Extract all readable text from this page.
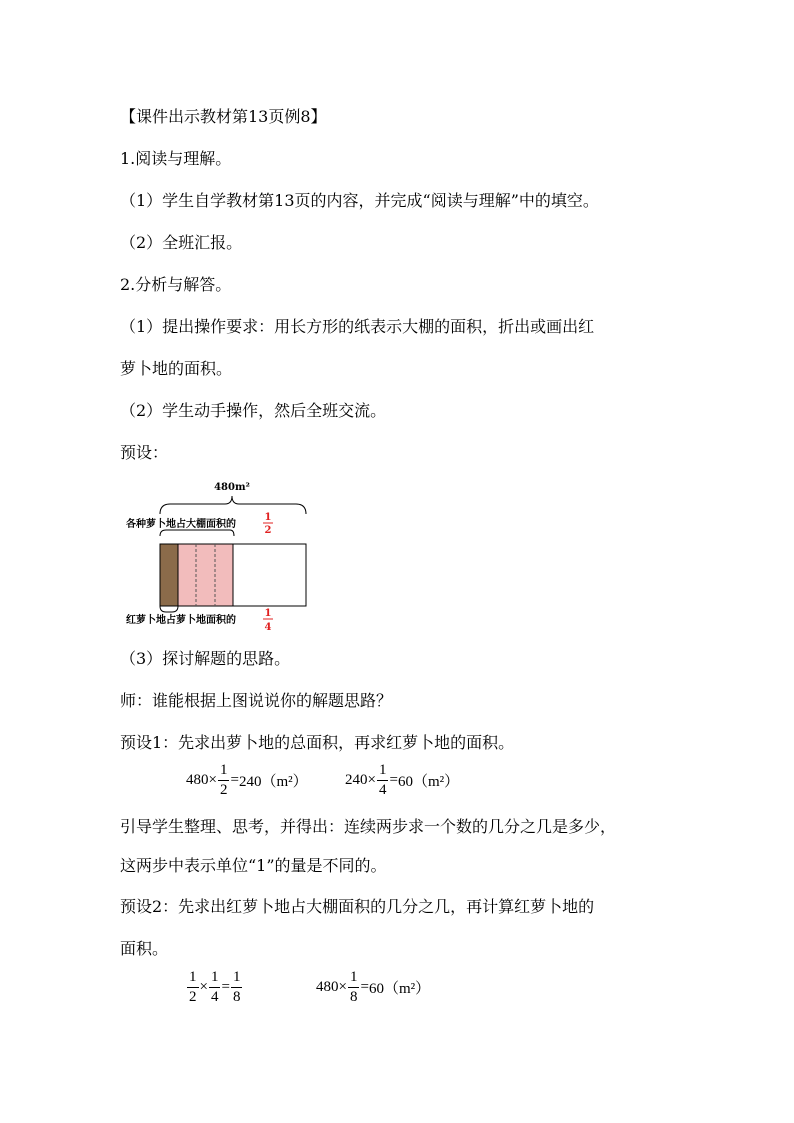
【课件出示教材第13页例8】
1.阅读与理解。
（1）学生自学教材第13页的内容，并完成“阅读与理解”中的填空。
（2）全班汇报。
2.分析与解答。
（1）提出操作要求：用长方形的纸表示大棚的面积，折出或画出红
萝卜地的面积。
（2）学生动手操作，然后全班交流。
预设：
480m²
各种萝卜地占大棚面积的
1
2
红萝卜地占萝卜地面积的
1
4
（3）探讨解题的思路。
师：谁能根据上图说说你的解题思路？
预设1：先求出萝卜地的总面积，再求红萝卜地的面积。
$480\times \frac{1}{2} =240(m^2)$ $240\times \frac{1}{4} =60(m^2)$
引导学生整理、思考，并得出：连续两步求一个数的几分之几是多少，
这两步中表示单位“1”的量是不同的。
预设2：先求出红萝卜地占大棚面积的几分之几，再计算红萝卜地的
面积。
$\frac{1}{2} \times \frac{1}{4} = \frac{1}{8}$	$480\times \frac{1}{8} =60(m^2)$
